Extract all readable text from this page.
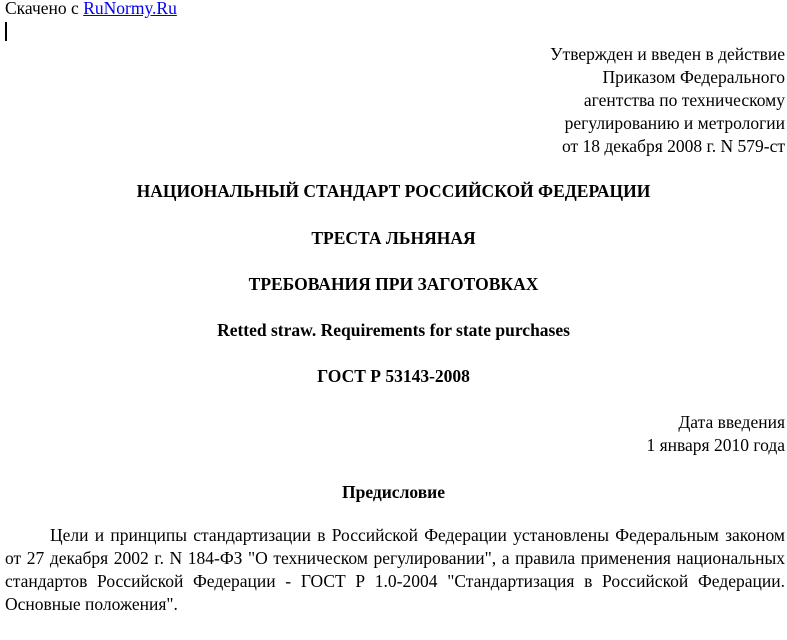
Скачено с RuNormy.Ru
Утвержден и введен в действие
Приказом Федерального
агентства по техническому
регулированию и метрологии
от 18 декабря 2008 г. N 579-ст
НАЦИОНАЛЬНЫЙ СТАНДАРТ РОССИЙСКОЙ ФЕДЕРАЦИИ
ТРЕСТА ЛЬНЯНАЯ
ТРЕБОВАНИЯ ПРИ ЗАГОТОВКАХ
Retted straw. Requirements for state purchases
ГОСТ Р 53143-2008
Дата введения
1 января 2010 года
Предисловие

Цели и принципы стандартизации в Российской Федерации установлены Федеральным законом от 27 декабря 2002 г. N 184-ФЗ "О техническом регулировании", а правила применения национальных стандартов Российской Федерации - ГОСТ Р 1.0-2004 "Стандартизация в Российской Федерации. Основные положения".
